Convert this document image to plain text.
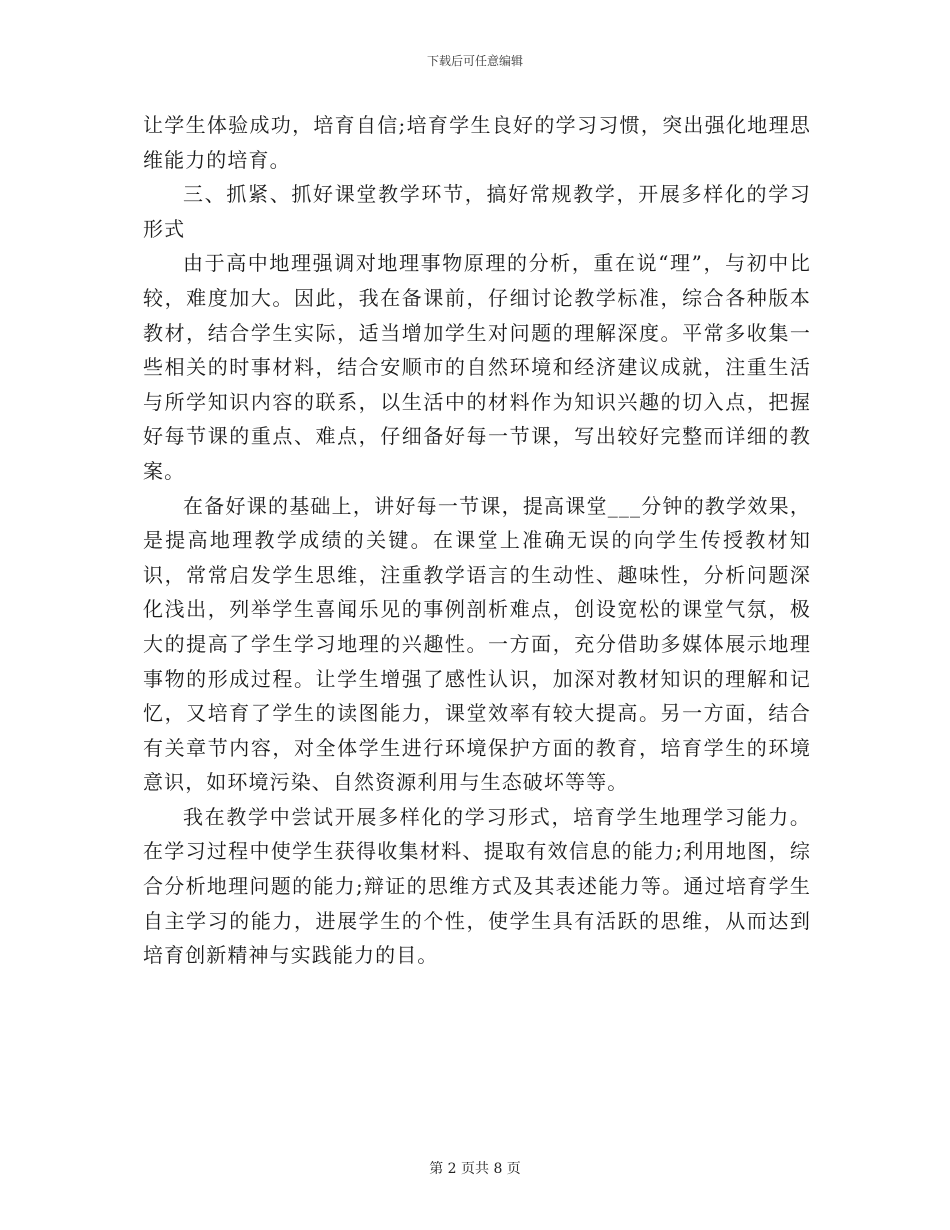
下载后可任意编辑

让学生体验成功，培育自信;培育学生良好的学习习惯，突出强化地理思维能力的培育。

三、抓紧、抓好课堂教学环节，搞好常规教学，开展多样化的学习形式

由于高中地理强调对地理事物原理的分析，重在说“理”，与初中比较，难度加大。因此，我在备课前，仔细讨论教学标准，综合各种版本教材，结合学生实际，适当增加学生对问题的理解深度。平常多收集一些相关的时事材料，结合安顺市的自然环境和经济建议成就，注重生活与所学知识内容的联系，以生活中的材料作为知识兴趣的切入点，把握好每节课的重点、难点，仔细备好每一节课，写出较好完整而详细的教案。

在备好课的基础上，讲好每一节课，提高课堂___分钟的教学效果，是提高地理教学成绩的关键。在课堂上准确无误的向学生传授教材知识，常常启发学生思维，注重教学语言的生动性、趣味性，分析问题深化浅出，列举学生喜闻乐见的事例剖析难点，创设宽松的课堂气氛，极大的提高了学生学习地理的兴趣性。一方面，充分借助多媒体展示地理事物的形成过程。让学生增强了感性认识，加深对教材知识的理解和记忆，又培育了学生的读图能力，课堂效率有较大提高。另一方面，结合有关章节内容，对全体学生进行环境保护方面的教育，培育学生的环境意识，如环境污染、自然资源利用与生态破坏等等。

我在教学中尝试开展多样化的学习形式，培育学生地理学习能力。在学习过程中使学生获得收集材料、提取有效信息的能力;利用地图，综合分析地理问题的能力;辩证的思维方式及其表述能力等。通过培育学生自主学习的能力，进展学生的个性，使学生具有活跃的思维，从而达到培育创新精神与实践能力的目。

第 2 页共 8 页
